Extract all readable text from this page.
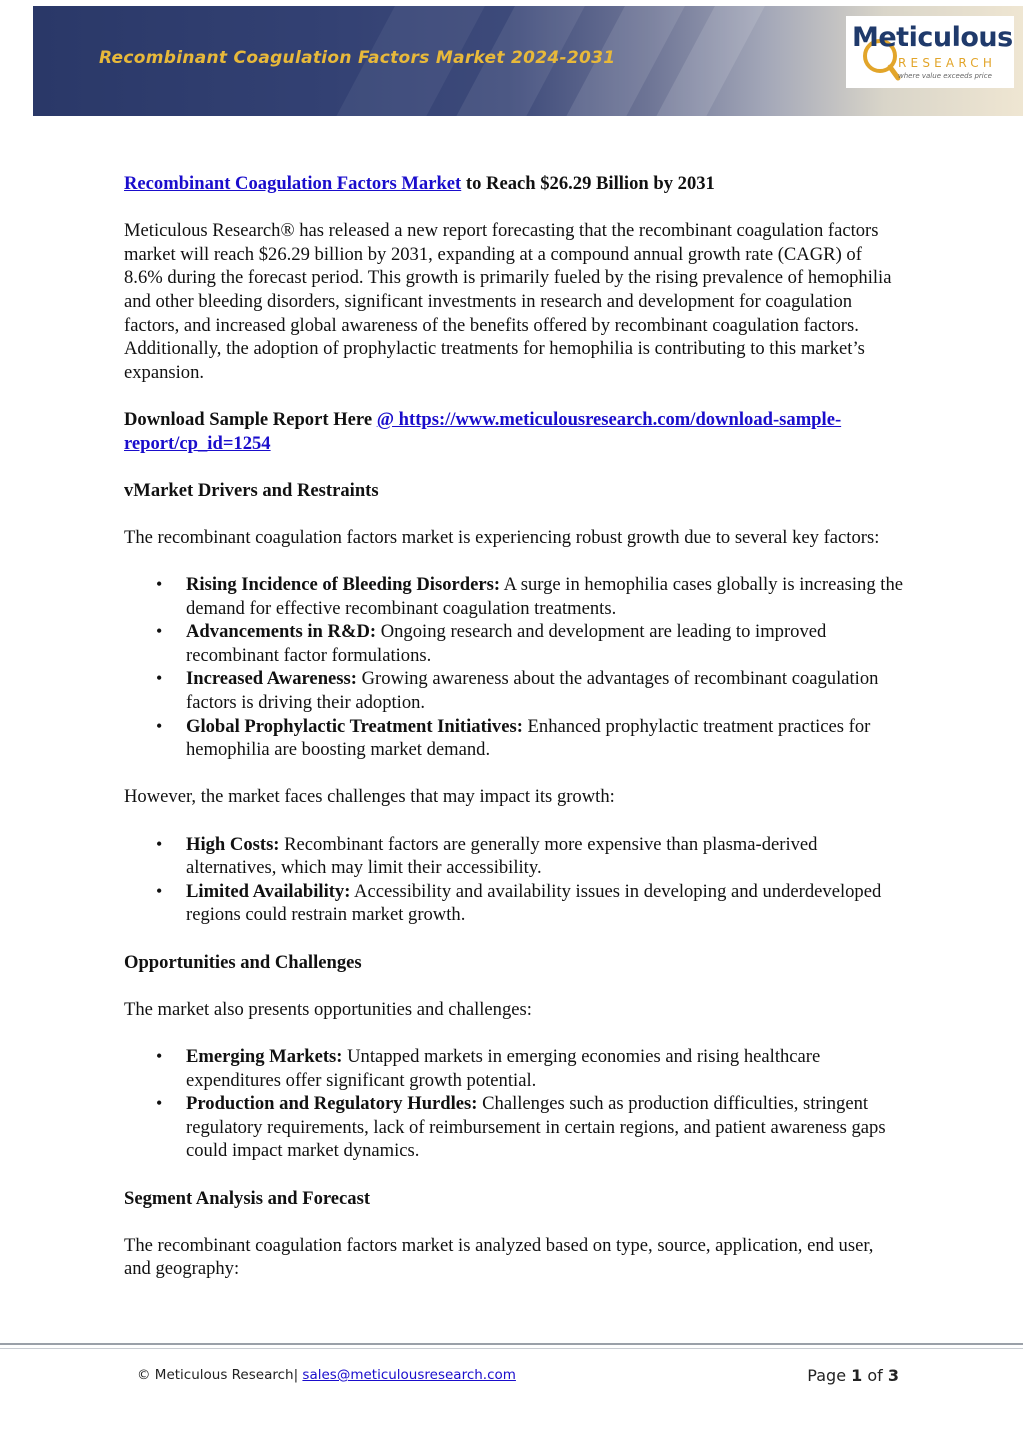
Recombinant Coagulation Factors Market 2024-2031
Meticulous
RESEARCH
where value exceeds price

Recombinant Coagulation Factors Market to Reach $26.29 Billion by 2031

Meticulous Research® has released a new report forecasting that the recombinant coagulation factors market will reach $26.29 billion by 2031, expanding at a compound annual growth rate (CAGR) of 8.6% during the forecast period. This growth is primarily fueled by the rising prevalence of hemophilia and other bleeding disorders, significant investments in research and development for coagulation factors, and increased global awareness of the benefits offered by recombinant coagulation factors. Additionally, the adoption of prophylactic treatments for hemophilia is contributing to this market’s expansion.

Download Sample Report Here @ https://www.meticulousresearch.com/download-sample-report/cp_id=1254

vMarket Drivers and Restraints

The recombinant coagulation factors market is experiencing robust growth due to several key factors:

• Rising Incidence of Bleeding Disorders: A surge in hemophilia cases globally is increasing the demand for effective recombinant coagulation treatments.
• Advancements in R&D: Ongoing research and development are leading to improved recombinant factor formulations.
• Increased Awareness: Growing awareness about the advantages of recombinant coagulation factors is driving their adoption.
• Global Prophylactic Treatment Initiatives: Enhanced prophylactic treatment practices for hemophilia are boosting market demand.

However, the market faces challenges that may impact its growth:

• High Costs: Recombinant factors are generally more expensive than plasma-derived alternatives, which may limit their accessibility.
• Limited Availability: Accessibility and availability issues in developing and underdeveloped regions could restrain market growth.

Opportunities and Challenges

The market also presents opportunities and challenges:

• Emerging Markets: Untapped markets in emerging economies and rising healthcare expenditures offer significant growth potential.
• Production and Regulatory Hurdles: Challenges such as production difficulties, stringent regulatory requirements, lack of reimbursement in certain regions, and patient awareness gaps could impact market dynamics.

Segment Analysis and Forecast

The recombinant coagulation factors market is analyzed based on type, source, application, end user, and geography:

© Meticulous Research| sales@meticulousresearch.com	Page 1 of 3
